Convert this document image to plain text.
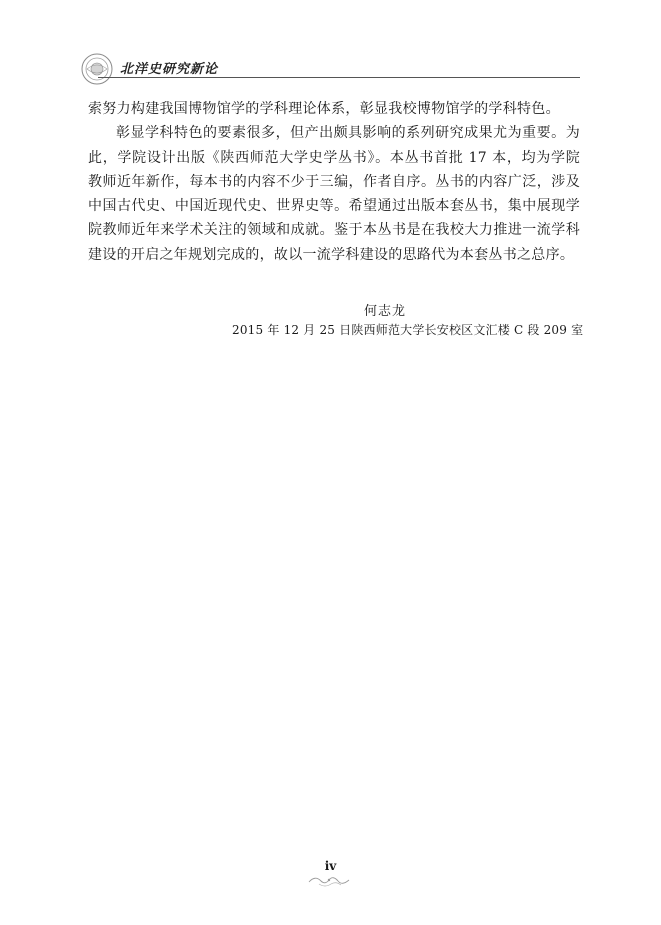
北洋史研究新论

索努力构建我国博物馆学的学科理论体系，彰显我校博物馆学的学科特色。

彰显学科特色的要素很多，但产出颇具影响的系列研究成果尤为重要。为此，学院设计出版《陕西师范大学史学丛书》。本丛书首批 17 本，均为学院教师近年新作，每本书的内容不少于三编，作者自序。丛书的内容广泛，涉及中国古代史、中国近现代史、世界史等。希望通过出版本套丛书，集中展现学院教师近年来学术关注的领域和成就。鉴于本丛书是在我校大力推进一流学科建设的开启之年规划完成的，故以一流学科建设的思路代为本套丛书之总序。

何志龙
2015 年 12 月 25 日陕西师范大学长安校区文汇楼 C 段 209 室
iv
